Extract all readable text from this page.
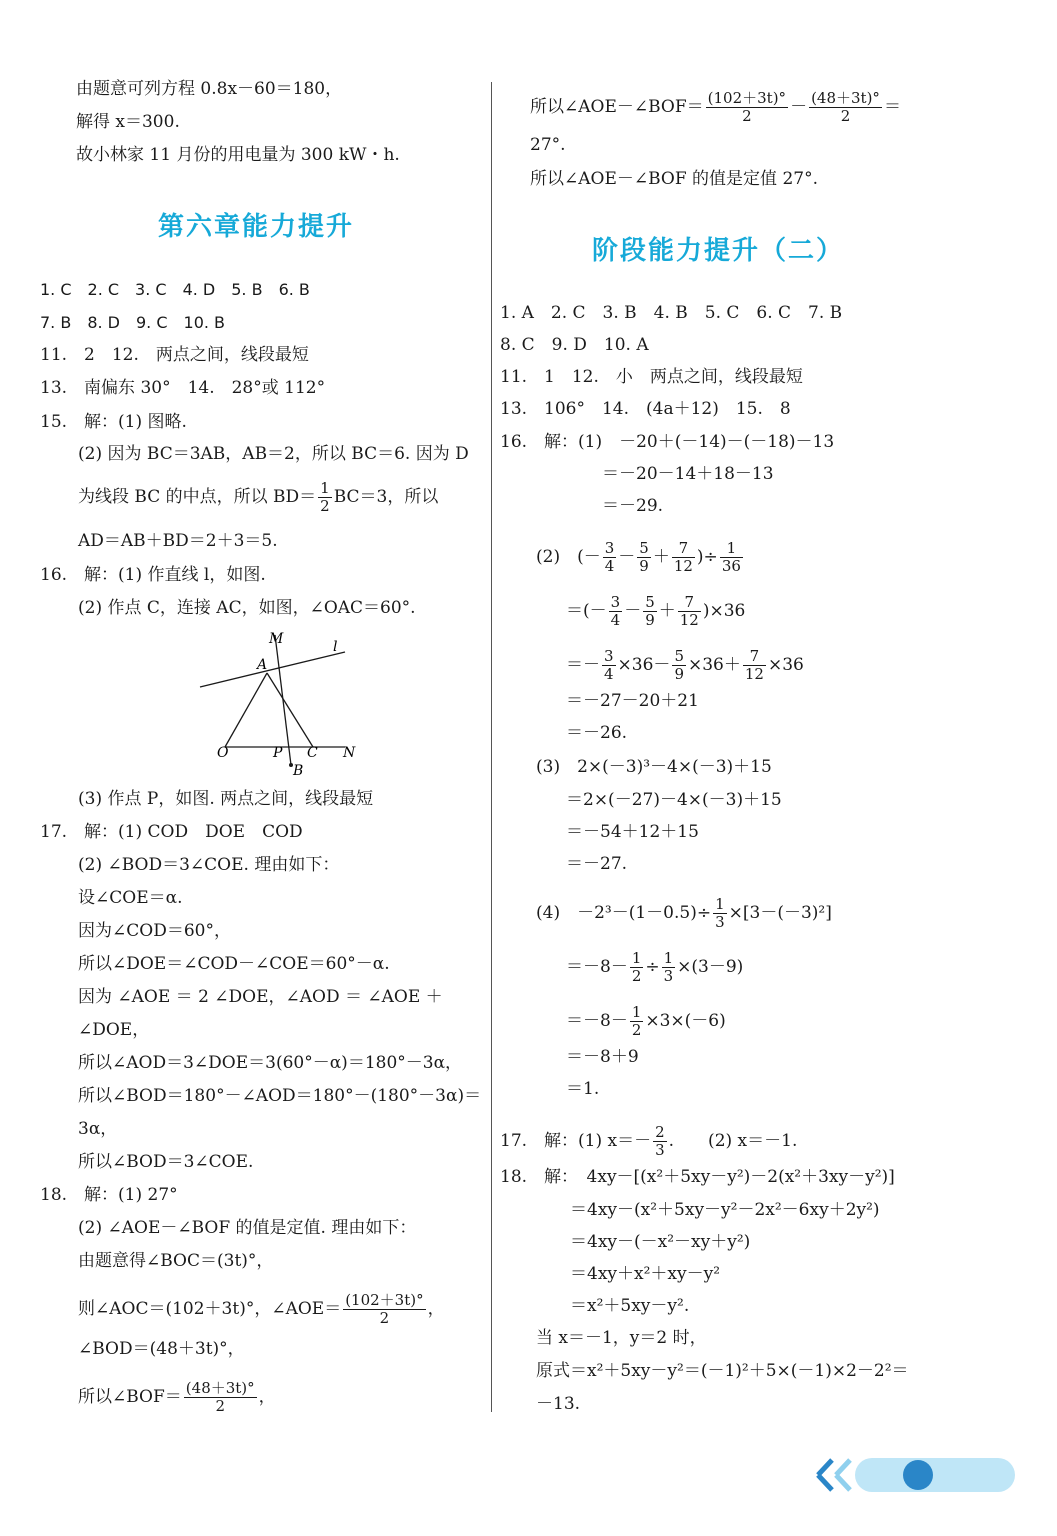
由题意可列方程 0.8x－60＝180，
解得 x＝300.
故小林家 11 月份的用电量为 300 kW・h.
第六章能力提升
1. C　2. C　3. C　4. D　5. B　6. B
7. B　8. D　9. C　10. B
11.　2　12.　两点之间，线段最短
13.　南偏东 30°　14.　28°或 112°
15.　解：(1) 图略.
(2) 因为 BC＝3AB，AB＝2，所以 BC＝6. 因为 D
为线段 BC 的中点，所以 $BD= \frac{1}{2} BC=3$，所以
AD＝AB＋BD＝2＋3＝5.
16.　解：(1) 作直线 l，如图.
(2) 作点 C，连接 AC，如图，∠OAC＝60°.
M
A
l
O	P C N
B
(3) 作点 P，如图. 两点之间，线段最短
17.　解：(1) COD　DOE　COD
(2) ∠BOD＝3∠COE. 理由如下：
设∠COE＝α.
因为∠COD＝60°，
所以∠DOE＝∠COD－∠COE＝60°－α.
因为 ∠AOE ＝ 2 ∠DOE，∠AOD ＝ ∠AOE ＋
∠DOE，
所以∠AOD＝3∠DOE＝3(60°－α)＝180°－3α，
所以∠BOD＝180°－∠AOD＝180°－(180°－3α)＝
3α，
所以∠BOD＝3∠COE.
18.　解：(1) 27°
(2) ∠AOE－∠BOF 的值是定值. 理由如下：
由题意得∠BOC＝(3t)°，
则∠AOC＝(102＋3t)°，∠AOE＝ $\frac{(102+3t)^\circ}{2}$ ，
∠BOD＝(48＋3t)°，
所以∠BOF＝ $\frac{(48+3t)^\circ}{2}$ ，
所以∠AOE－∠BOF＝ $\frac{(102+3t)^\circ}{2} - \frac{(48+3t)^\circ}{2}$ ＝
27°.
所以∠AOE－∠BOF 的值是定值 27°.
阶段能力提升（二）
1. A　2. C　3. B　4. B　5. C　6. C　7. B
8. C　9. D　10. A
11.　1　12.　小　两点之间，线段最短
13.　106°　14.　(4a＋12)　15.　8
16.　解：(1)　－20＋(－14)－(－18)－13
＝－20－14＋18－13
＝－29.
(2)　(－ $\frac{3}{4} - \frac{5}{9} + \frac{7}{12}$ )÷ $\frac{1}{36}$
＝(－ $\frac{3}{4} - \frac{5}{9} + \frac{7}{12} )\times 36$
＝－ $\frac{3}{4} \times 36- \frac{5}{9} \times 36+ \frac{7}{12} \times 36$
＝－27－20＋21
＝－26.
(3)　2×(－3)³－4×(－3)＋15
＝2×(－27)－4×(－3)＋15
＝－54＋12＋15
＝－27.
(4)　$-2^3-(1-0.5)\div \frac{1}{3} \times[3-(-3)^2]$
$=-8- \frac{1}{2} \div \frac{1}{3} \times(3-9)$
$=-8- \frac{1}{2} \times 3\times(-6)$
＝－8＋9
＝1.
17.　解：(1) $x=- \frac{2}{3}$ .　　(2) x＝－1.
18.　解：　4xy－[(x²＋5xy－y²)－2(x²＋3xy－y²)]
＝4xy－(x²＋5xy－y²－2x²－6xy＋2y²)
＝4xy－(－x²－xy＋y²)
＝4xy＋x²＋xy－y²
＝x²＋5xy－y².
当 x＝－1，y＝2 时，
原式＝x²＋5xy－y²＝(－1)²＋5×(－1)×2－2²＝
－13.
